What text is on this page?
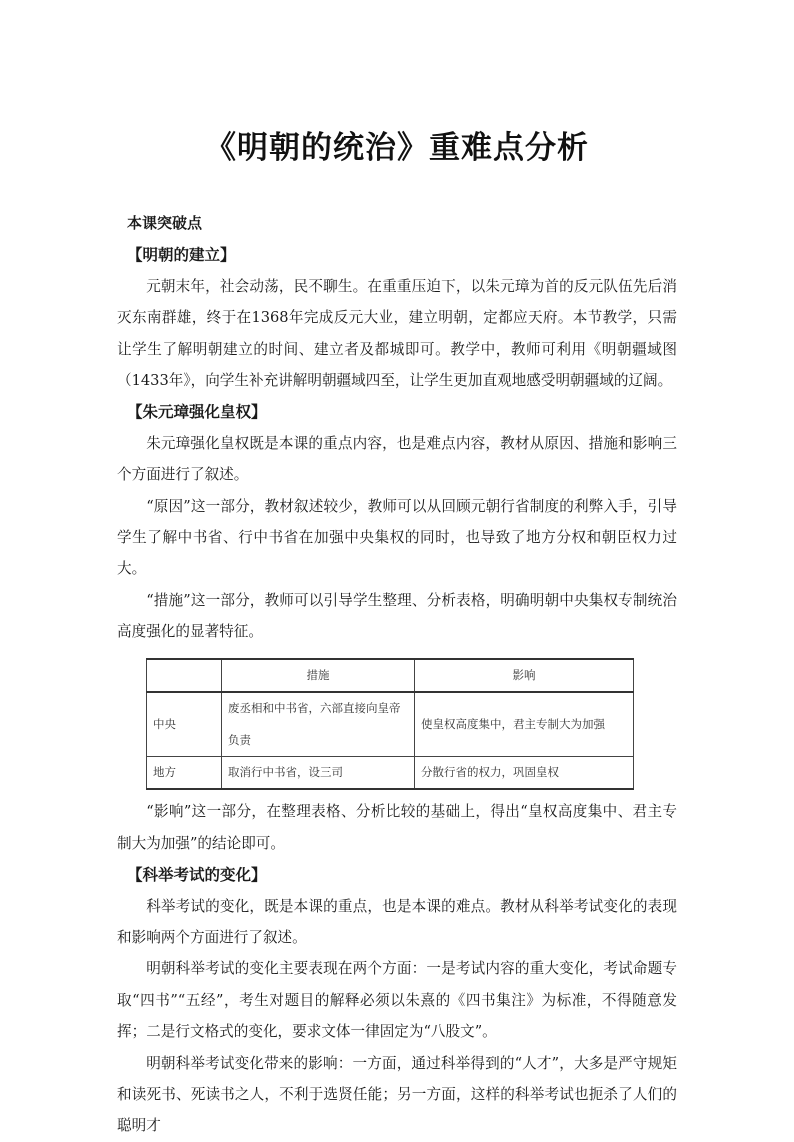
《明朝的统治》重难点分析
本课突破点
【明朝的建立】

元朝末年，社会动荡，民不聊生。在重重压迫下，以朱元璋为首的反元队伍先后消灭东南群雄，终于在1368年完成反元大业，建立明朝，定都应天府。本节教学，只需让学生了解明朝建立的时间、建立者及都城即可。教学中，教师可利用《明朝疆域图（1433年》，向学生补充讲解明朝疆域四至，让学生更加直观地感受明朝疆域的辽阔。

【朱元璋强化皇权】

朱元璋强化皇权既是本课的重点内容，也是难点内容，教材从原因、措施和影响三个方面进行了叙述。

“原因”这一部分，教材叙述较少，教师可以从回顾元朝行省制度的利弊入手，引导学生了解中书省、行中书省在加强中央集权的同时，也导致了地方分权和朝臣权力过大。

“措施”这一部分，教师可以引导学生整理、分析表格，明确明朝中央集权专制统治高度强化的显著特征。

	措施	影响
中央	废丞相和中书省，六部直接向皇帝负责	使皇权高度集中，君主专制大为加强
地方	取消行中书省，设三司	分散行省的权力，巩固皇权

“影响”这一部分，在整理表格、分析比较的基础上，得出“皇权高度集中、君主专制大为加强”的结论即可。

【科举考试的变化】

科举考试的变化，既是本课的重点，也是本课的难点。教材从科举考试变化的表现和影响两个方面进行了叙述。

明朝科举考试的变化主要表现在两个方面：一是考试内容的重大变化，考试命题专取“四书”“五经”，考生对题目的解释必须以朱熹的《四书集注》为标准，不得随意发挥；二是行文格式的变化，要求文体一律固定为“八股文”。

明朝科举考试变化带来的影响：一方面，通过科举得到的“人才”，大多是严守规矩和读死书、死读书之人，不利于选贤任能；另一方面，这样的科举考试也扼杀了人们的聪明才
